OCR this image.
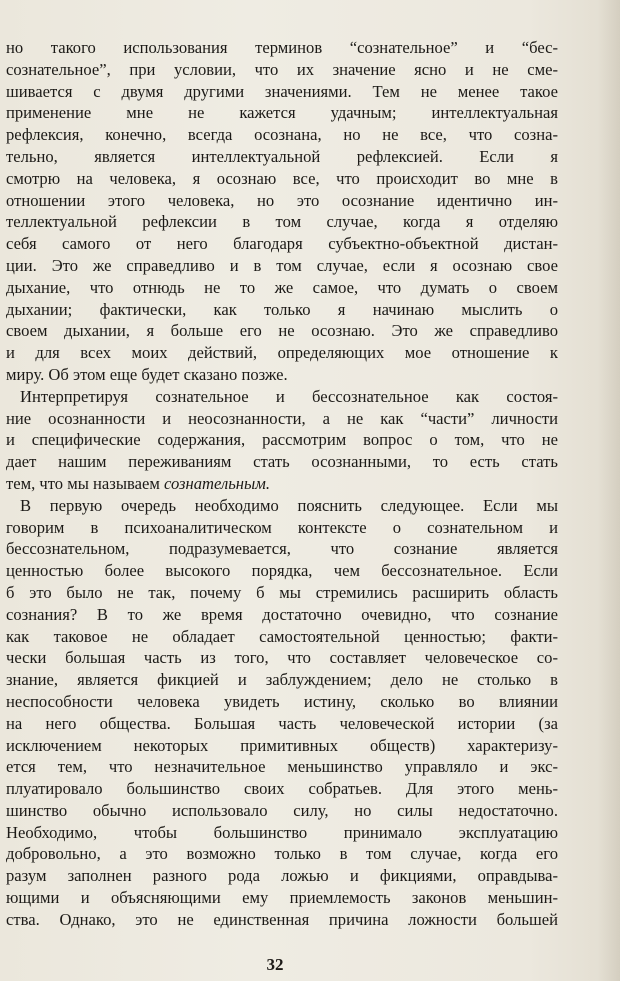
но такого использования терминов “сознательное” и “бес-
сознательное”, при условии, что их значение ясно и не сме-
шивается с двумя другими значениями. Тем не менее такое
применение мне не кажется удачным; интеллектуальная
рефлексия, конечно, всегда осознана, но не все, что созна-
тельно, является интеллектуальной рефлексией. Если я
смотрю на человека, я осознаю все, что происходит во мне в
отношении этого человека, но это осознание идентично ин-
теллектуальной рефлексии в том случае, когда я отделяю
себя самого от него благодаря субъектно-объектной дистан-
ции. Это же справедливо и в том случае, если я осознаю свое
дыхание, что отнюдь не то же самое, что думать о своем
дыхании; фактически, как только я начинаю мыслить о
своем дыхании, я больше его не осознаю. Это же справедливо
и для всех моих действий, определяющих мое отношение к
миру. Об этом еще будет сказано позже.
Интерпретируя сознательное и бессознательное как состоя-
ние осознанности и неосознанности, а не как “части” личности
и специфические содержания, рассмотрим вопрос о том, что не
дает нашим переживаниям стать осознанными, то есть стать
тем, что мы называем сознательным.
В первую очередь необходимо пояснить следующее. Если мы
говорим в психоаналитическом контексте о сознательном и
бессознательном, подразумевается, что сознание является
ценностью более высокого порядка, чем бессознательное. Если
б это было не так, почему б мы стремились расширить область
сознания? В то же время достаточно очевидно, что сознание
как таковое не обладает самостоятельной ценностью; факти-
чески большая часть из того, что составляет человеческое со-
знание, является фикцией и заблуждением; дело не столько в
неспособности человека увидеть истину, сколько во влиянии
на него общества. Большая часть человеческой истории (за
исключением некоторых примитивных обществ) характеризу-
ется тем, что незначительное меньшинство управляло и экс-
плуатировало большинство своих собратьев. Для этого мень-
шинство обычно использовало силу, но силы недостаточно.
Необходимо, чтобы большинство принимало эксплуатацию
добровольно, а это возможно только в том случае, когда его
разум заполнен разного рода ложью и фикциями, оправдыва-
ющими и объясняющими ему приемлемость законов меньшин-
ства. Однако, это не единственная причина ложности большей
32
